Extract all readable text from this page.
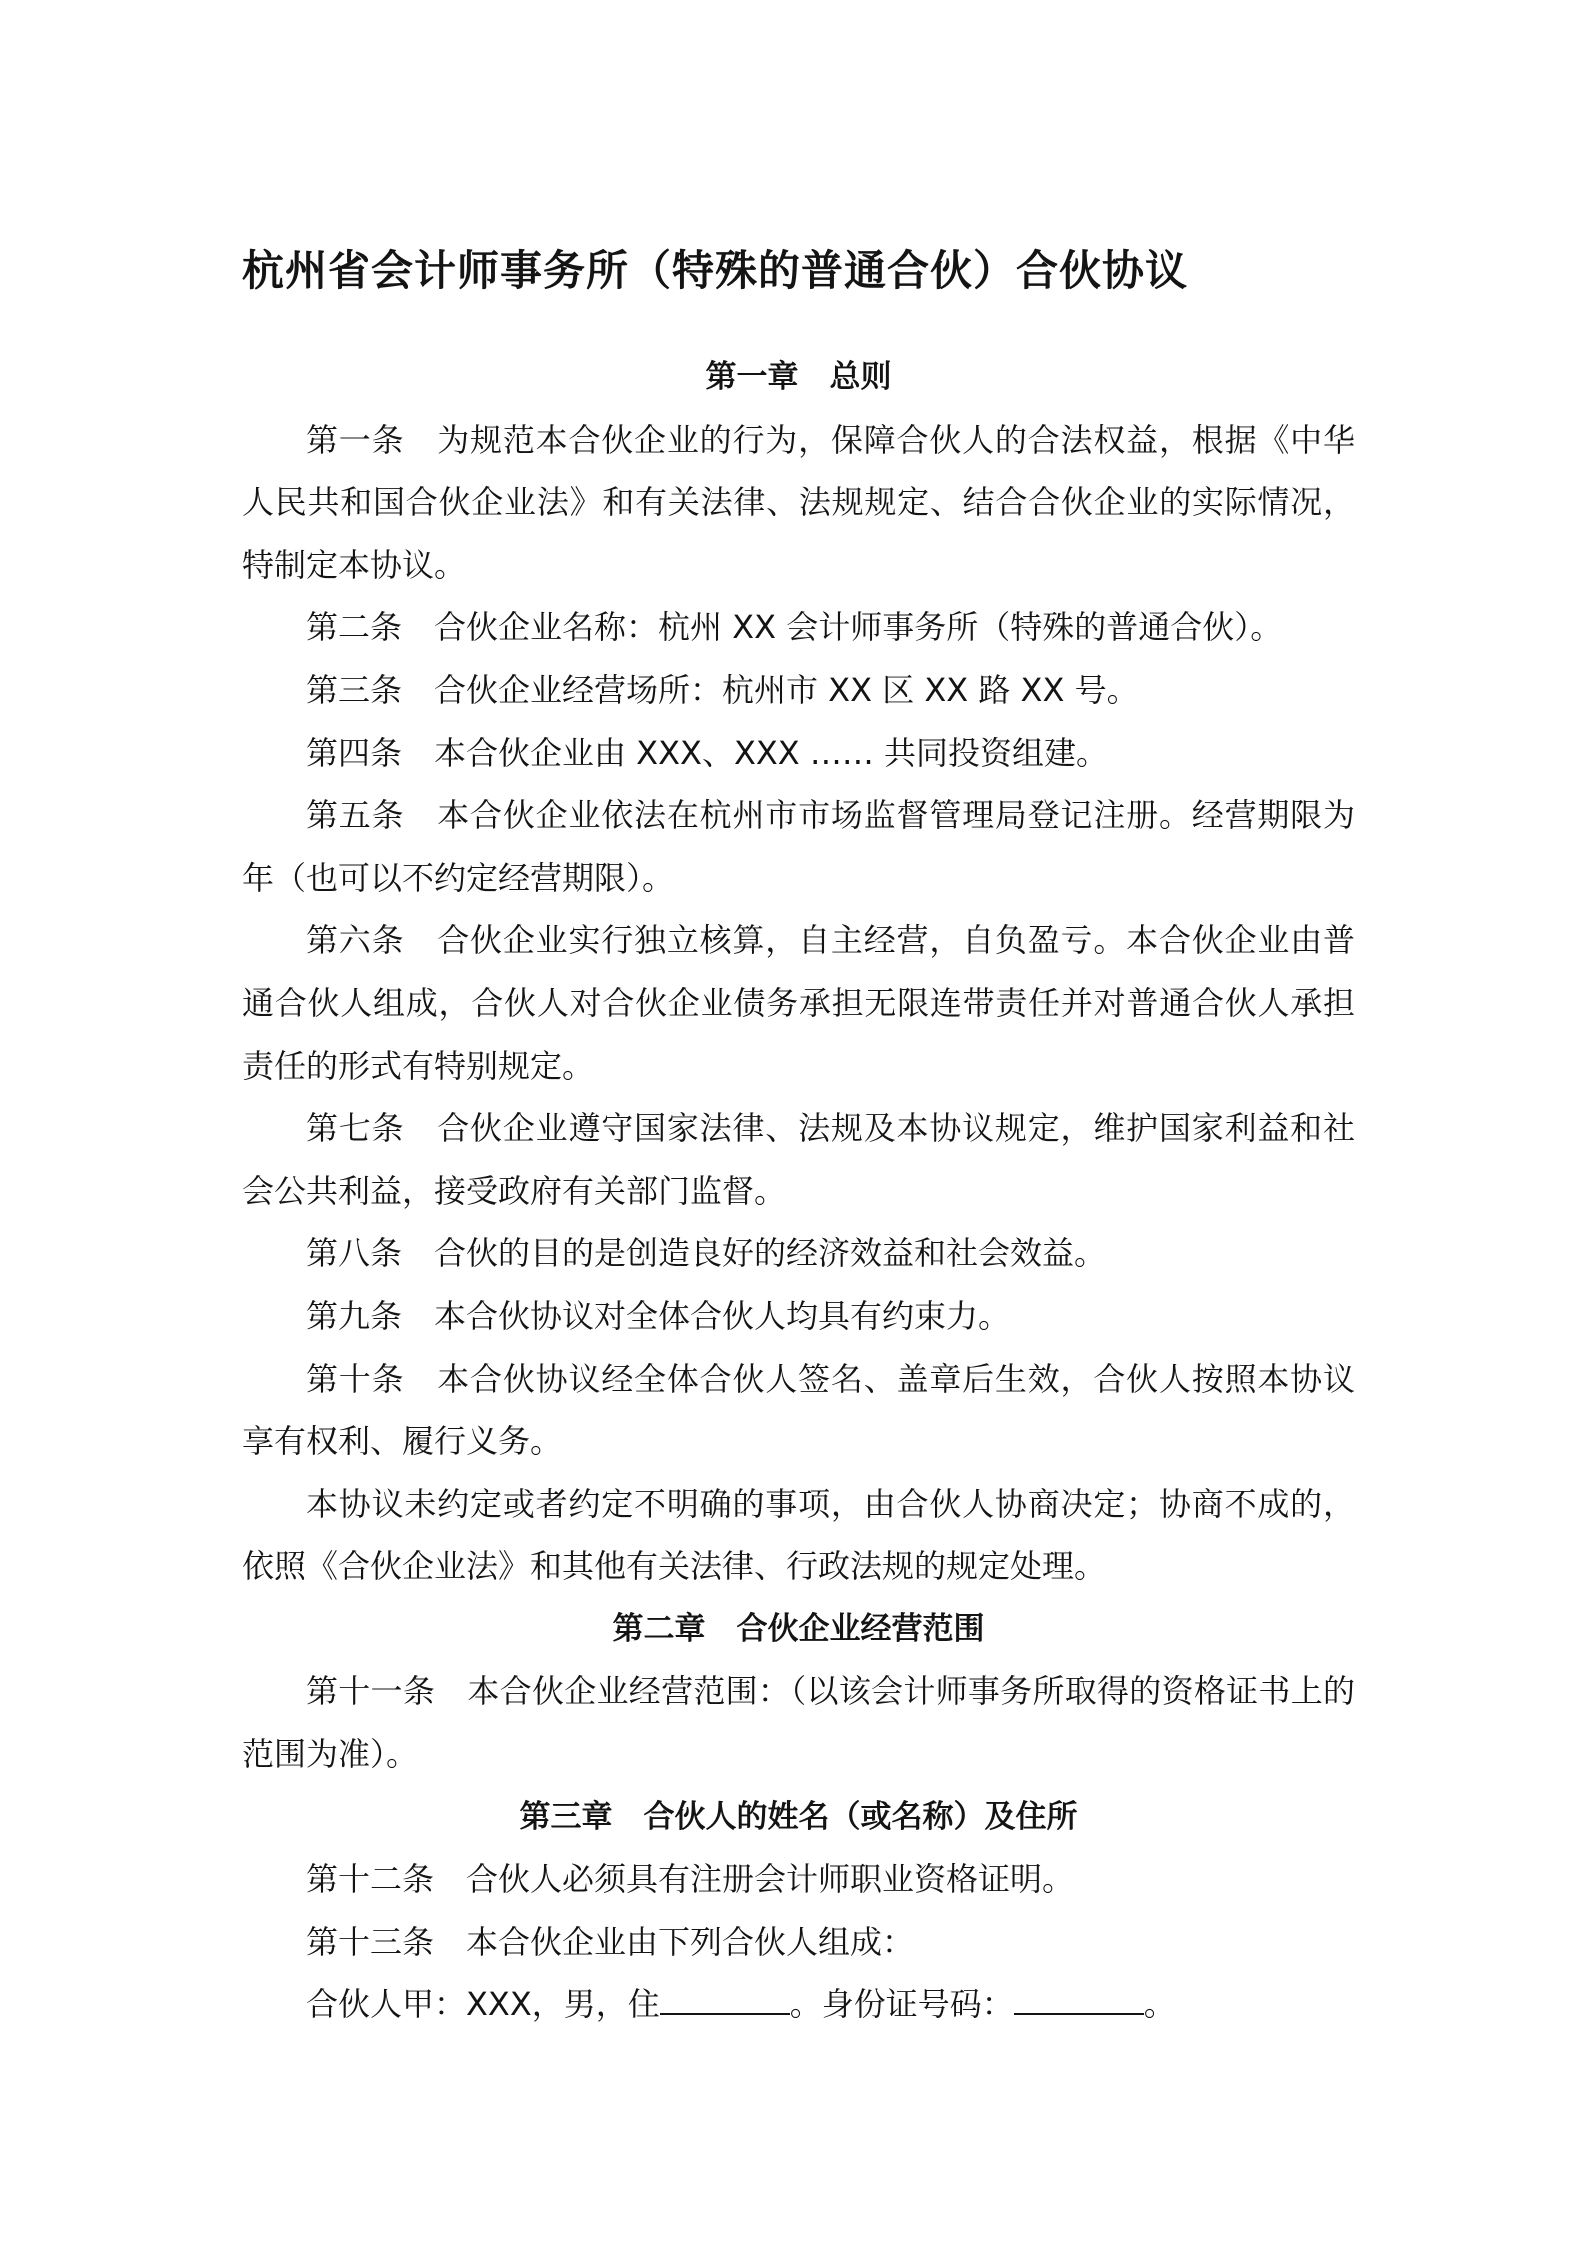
杭州省会计师事务所（特殊的普通合伙）合伙协议

第一章　总则

第一条　为规范本合伙企业的行为，保障合伙人的合法权益，根据《中华人民共和国合伙企业法》和有关法律、法规规定、结合合伙企业的实际情况，特制定本协议。

第二条　合伙企业名称：杭州 XX 会计师事务所（特殊的普通合伙）。

第三条　合伙企业经营场所：杭州市 XX 区 XX 路 XX 号。

第四条　本合伙企业由 XXX、XXX …… 共同投资组建。

第五条　本合伙企业依法在杭州市市场监督管理局登记注册。经营期限为年（也可以不约定经营期限）。

第六条　合伙企业实行独立核算，自主经营，自负盈亏。本合伙企业由普通合伙人组成，合伙人对合伙企业债务承担无限连带责任并对普通合伙人承担责任的形式有特别规定。

第七条　合伙企业遵守国家法律、法规及本协议规定，维护国家利益和社会公共利益，接受政府有关部门监督。

第八条　合伙的目的是创造良好的经济效益和社会效益。

第九条　本合伙协议对全体合伙人均具有约束力。

第十条　本合伙协议经全体合伙人签名、盖章后生效，合伙人按照本协议享有权利、履行义务。

本协议未约定或者约定不明确的事项，由合伙人协商决定；协商不成的，依照《合伙企业法》和其他有关法律、行政法规的规定处理。

第二章　合伙企业经营范围

第十一条　本合伙企业经营范围：（以该会计师事务所取得的资格证书上的范围为准）。

第三章　合伙人的姓名（或名称）及住所

第十二条　合伙人必须具有注册会计师职业资格证明。

第十三条　本合伙企业由下列合伙人组成：

合伙人甲：XXX，男，住	。身份证号码：	。
